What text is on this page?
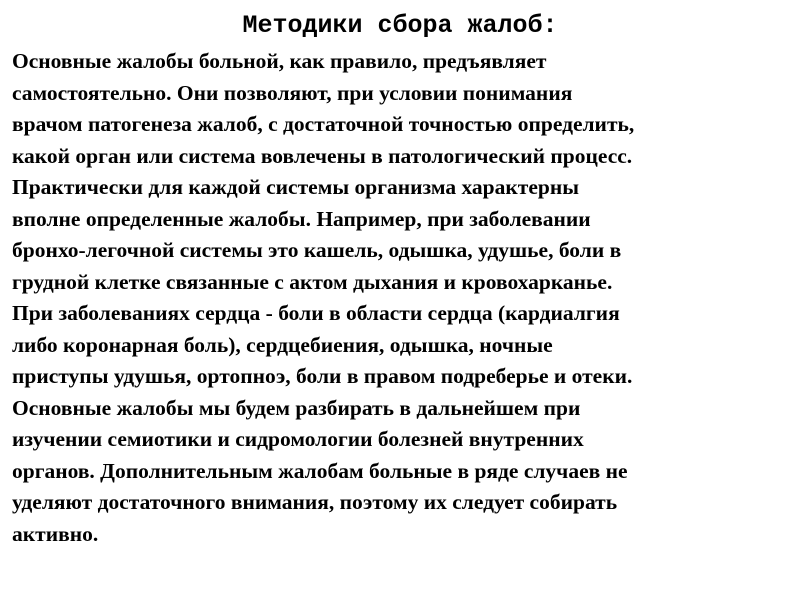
Методики сбора жалоб:
Основные жалобы больной, как правило, предъявляет
самостоятельно. Они позволяют, при условии понимания
врачом патогенеза жалоб, с достаточной точностью определить,
какой орган или система вовлечены в патологический процесс.
Практически для каждой системы организма характерны
вполне определенные жалобы. Например, при заболевании
бронхо-легочной системы это кашель, одышка, удушье, боли в
грудной клетке связанные с актом дыхания и кровохарканье.
При заболеваниях сердца - боли в области сердца (кардиалгия
либо коронарная боль), сердцебиения, одышка, ночные
приступы удушья, ортопноэ, боли в правом подреберье и отеки.
Основные жалобы мы будем разбирать в дальнейшем при
изучении семиотики и сидромологии болезней внутренних
органов. Дополнительным жалобам больные в ряде случаев не
уделяют достаточного внимания, поэтому их следует собирать
активно.
